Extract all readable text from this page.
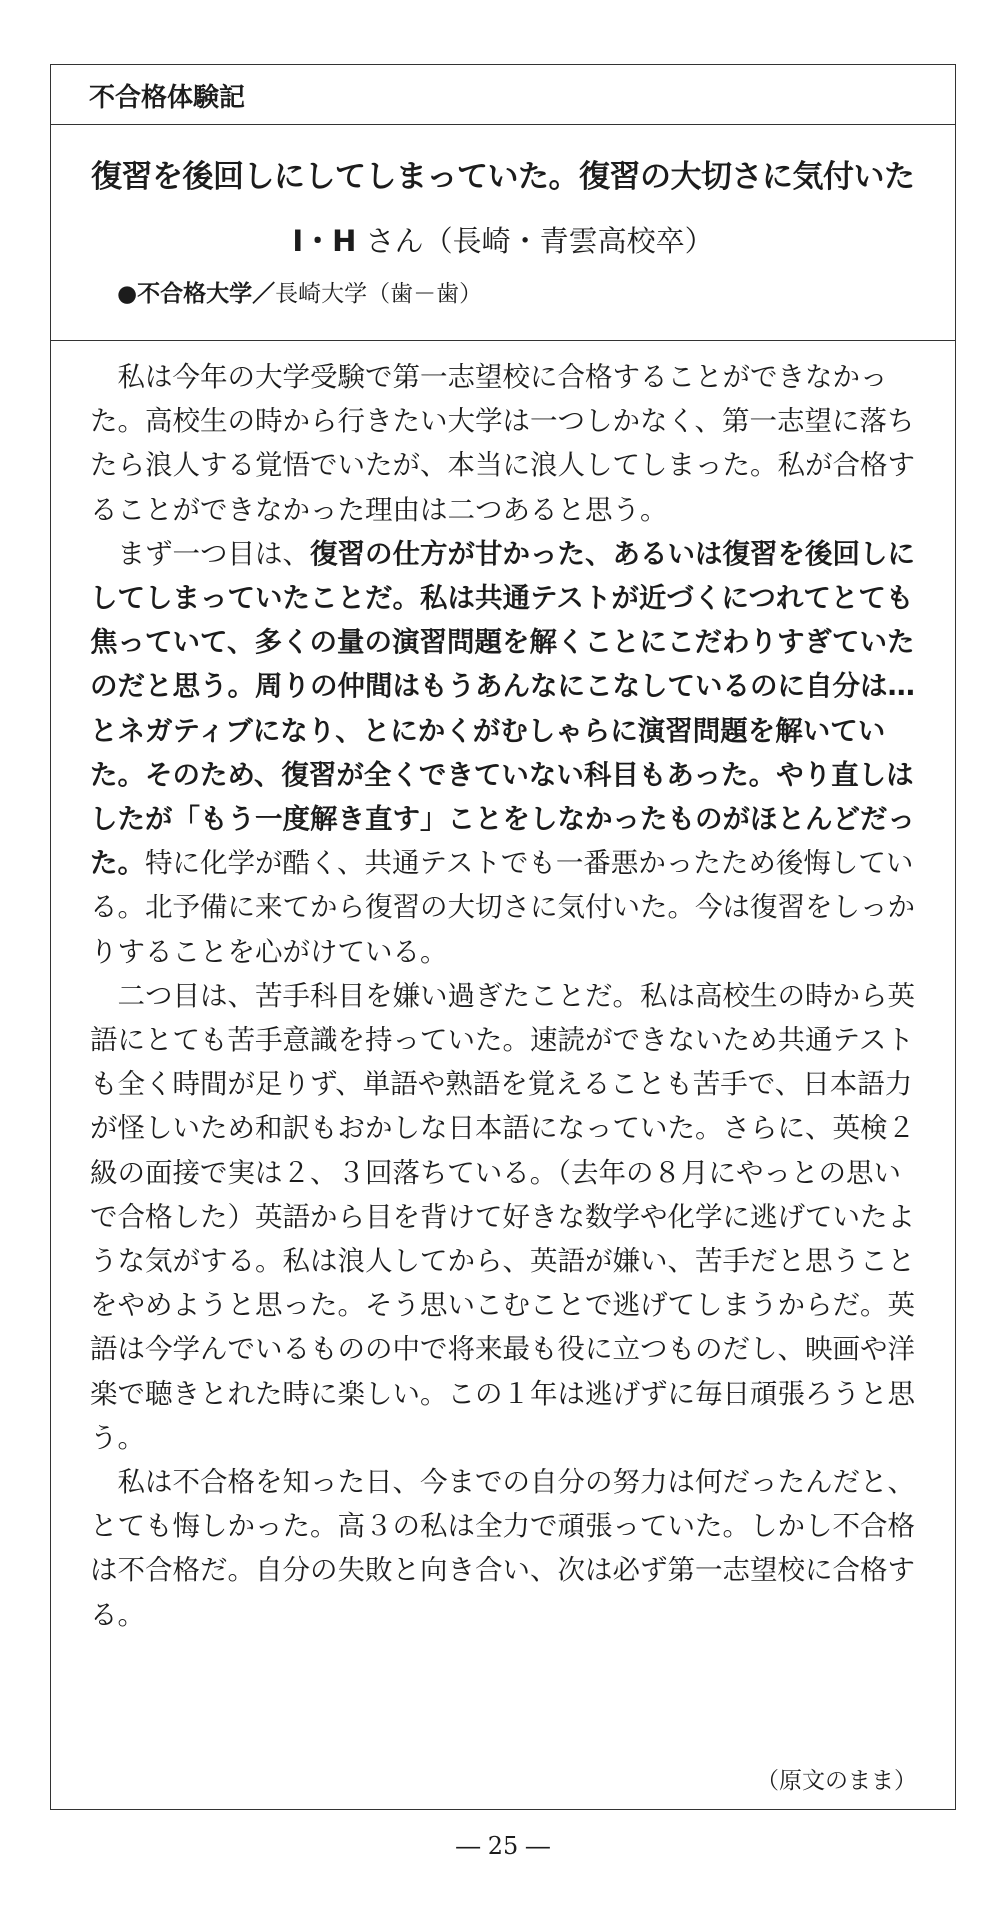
不合格体験記
復習を後回しにしてしまっていた。復習の大切さに気付いた
I・H さん（長崎・青雲高校卒）
●不合格大学／長崎大学（歯－歯）

私は今年の大学受験で第一志望校に合格することができなかった。高校生の時から行きたい大学は一つしかなく、第一志望に落ちたら浪人する覚悟でいたが、本当に浪人してしまった。私が合格することができなかった理由は二つあると思う。

まず一つ目は、復習の仕方が甘かった、あるいは復習を後回しにしてしまっていたことだ。私は共通テストが近づくにつれてとても焦っていて、多くの量の演習問題を解くことにこだわりすぎていたのだと思う。周りの仲間はもうあんなにこなしているのに自分は…とネガティブになり、とにかくがむしゃらに演習問題を解いていた。そのため、復習が全くできていない科目もあった。やり直しはしたが「もう一度解き直す」ことをしなかったものがほとんどだった。特に化学が酷く、共通テストでも一番悪かったため後悔している。北予備に来てから復習の大切さに気付いた。今は復習をしっかりすることを心がけている。

二つ目は、苦手科目を嫌い過ぎたことだ。私は高校生の時から英語にとても苦手意識を持っていた。速読ができないため共通テストも全く時間が足りず、単語や熟語を覚えることも苦手で、日本語力が怪しいため和訳もおかしな日本語になっていた。さらに、英検２級の面接で実は２、３回落ちている。（去年の８月にやっとの思いで合格した）英語から目を背けて好きな数学や化学に逃げていたような気がする。私は浪人してから、英語が嫌い、苦手だと思うことをやめようと思った。そう思いこむことで逃げてしまうからだ。英語は今学んでいるものの中で将来最も役に立つものだし、映画や洋楽で聴きとれた時に楽しい。この１年は逃げずに毎日頑張ろうと思う。

私は不合格を知った日、今までの自分の努力は何だったんだと、とても悔しかった。高３の私は全力で頑張っていた。しかし不合格は不合格だ。自分の失敗と向き合い、次は必ず第一志望校に合格する。

（原文のまま）
― 25 ―
